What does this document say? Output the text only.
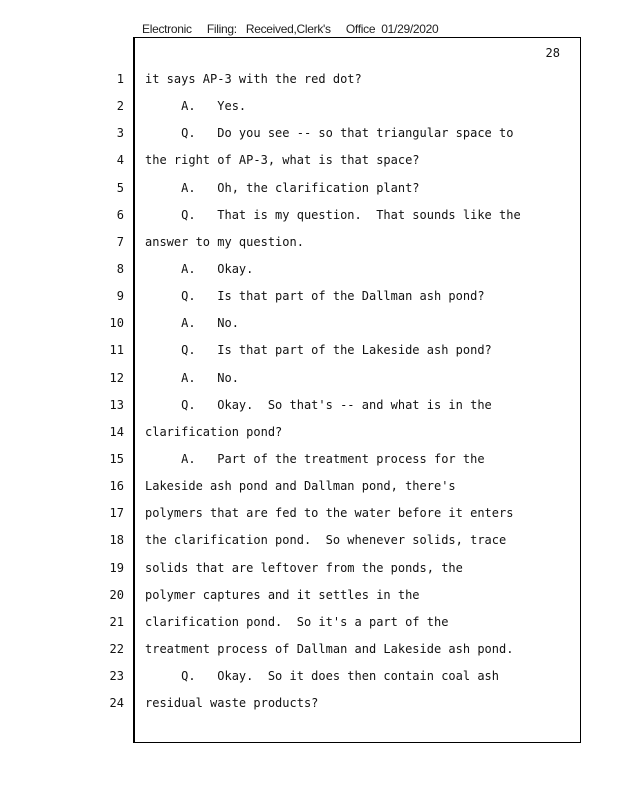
Electronic     Filing:   Received,Clerk's     Office  01/29/2020
28
1
2
3
4
5
6
7
8
9
10
11
12
13
14
15
16
17
18
19
20
21
22
23
24
it says AP-3 with the red dot?
A.   Yes.
Q.   Do you see -- so that triangular space to
the right of AP-3, what is that space?
A.   Oh, the clarification plant?
Q.   That is my question.  That sounds like the
answer to my question.
A.   Okay.
Q.   Is that part of the Dallman ash pond?
A.   No.
Q.   Is that part of the Lakeside ash pond?
A.   No.
Q.   Okay.  So that's -- and what is in the
clarification pond?
A.   Part of the treatment process for the
Lakeside ash pond and Dallman pond, there's
polymers that are fed to the water before it enters
the clarification pond.  So whenever solids, trace
solids that are leftover from the ponds, the
polymer captures and it settles in the
clarification pond.  So it's a part of the
treatment process of Dallman and Lakeside ash pond.
Q.   Okay.  So it does then contain coal ash
residual waste products?
